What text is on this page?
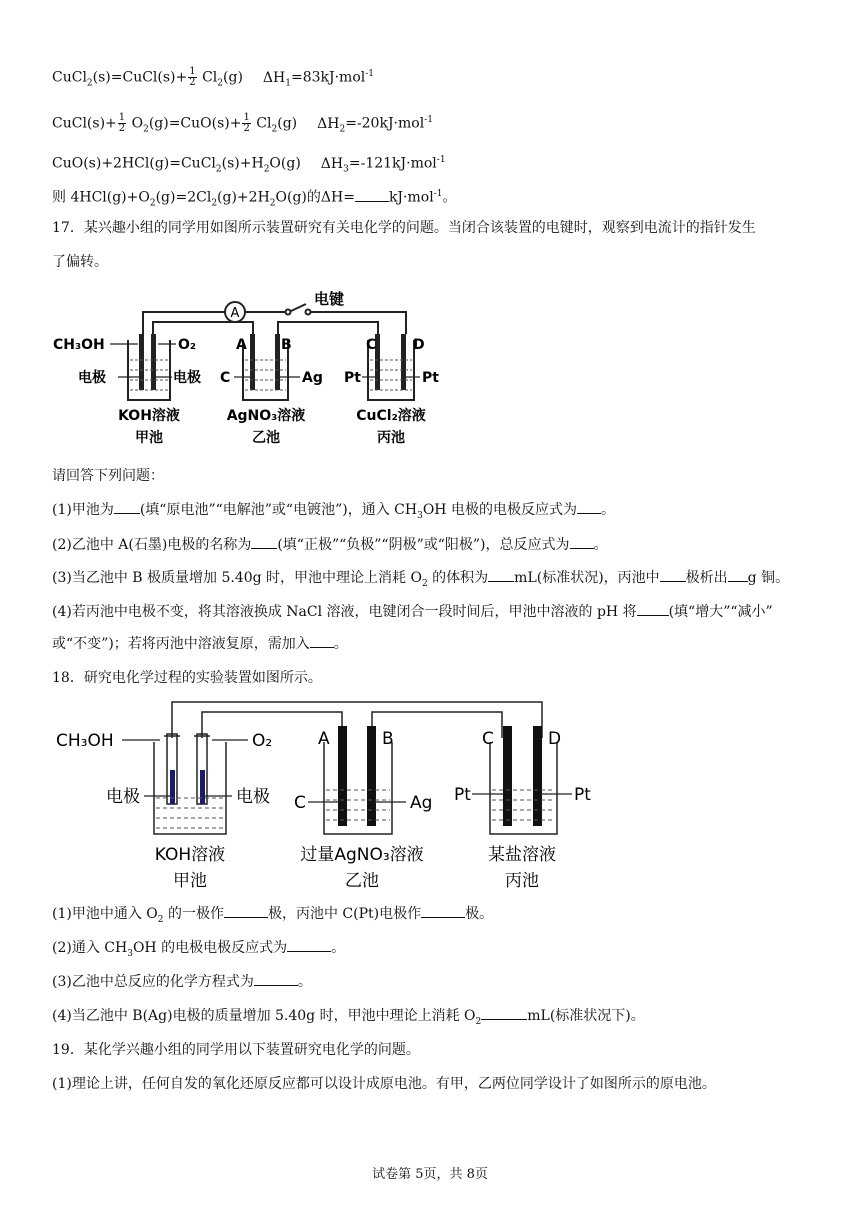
CuCl$_2$(s)=CuCl(s)+ $\frac{1}{2} Cl_2(g)$ $\Delta H_1=83kJ\cdot mol^{-1}$
CuCl(s)+ $\frac{1}{2} O_2(g)=CuO(s)+ \frac{1}{2} Cl_2(g)$ $\Delta H_2=-20kJ\cdot mol^{-1}$
$CuO(s)+2HCl(g)=CuCl_2(s)+H_2O(g)$ $\Delta H_3=-121kJ\cdot mol^{-1}$
则 $4HCl(g)+O_2(g)=2Cl_2(g)+2H_2O(g)$的ΔH= kJ·mol$^{-1}$。
17．某兴趣小组的同学用如图所示装置研究有关电化学的问题。当闭合该装置的电键时，观察到电流计的指针发生
了偏转。
A
电键
CH₃OH	O₂	A B	C	D
电极	电极 C	Ag Pt	Pt
KOH溶液	AgNO₃溶液	CuCl₂溶液
甲池	乙池	丙池
请回答下列问题：
(1)甲池为 (填“原电池”“电解池”或“电镀池”)，通入 $CH_3OH$ 电极的电极反应式为 。
(2)乙池中 A(石墨)电极的名称为 (填“正极”“负极”“阴极”或“阳极”)，总反应式为 。
(3)当乙池中 B 极质量增加 5.40g 时，甲池中理论上消耗 $O_2$ 的体积为 mL(标准状况)，丙池中 极析出 g 铜。
(4)若丙池中电极不变，将其溶液换成 NaCl 溶液，电键闭合一段时间后，甲池中溶液的 pH 将 (填“增大”“减小”
或“不变”)；若将丙池中溶液复原，需加入 。
18．研究电化学过程的实验装置如图所示。
CH₃OH	O₂	A	B	C	D
电极	电极 C	Ag Pt	Pt
KOH溶液	过量AgNO₃溶液	某盐溶液
甲池	乙池	丙池
(1)甲池中通入 $O_2$ 的一极作	极，丙池中 C(Pt)电极作	极。
(2)通入 $CH_3OH$ 的电极电极反应式为	。
(3)乙池中总反应的化学方程式为	。
(4)当乙池中 B(Ag)电极的质量增加 5.40g 时，甲池中理论上消耗 $O_2$	mL(标准状况下)。
19．某化学兴趣小组的同学用以下装置研究电化学的问题。
(1)理论上讲，任何自发的氧化还原反应都可以设计成原电池。有甲，乙两位同学设计了如图所示的原电池。
试卷第 5页，共 8页
